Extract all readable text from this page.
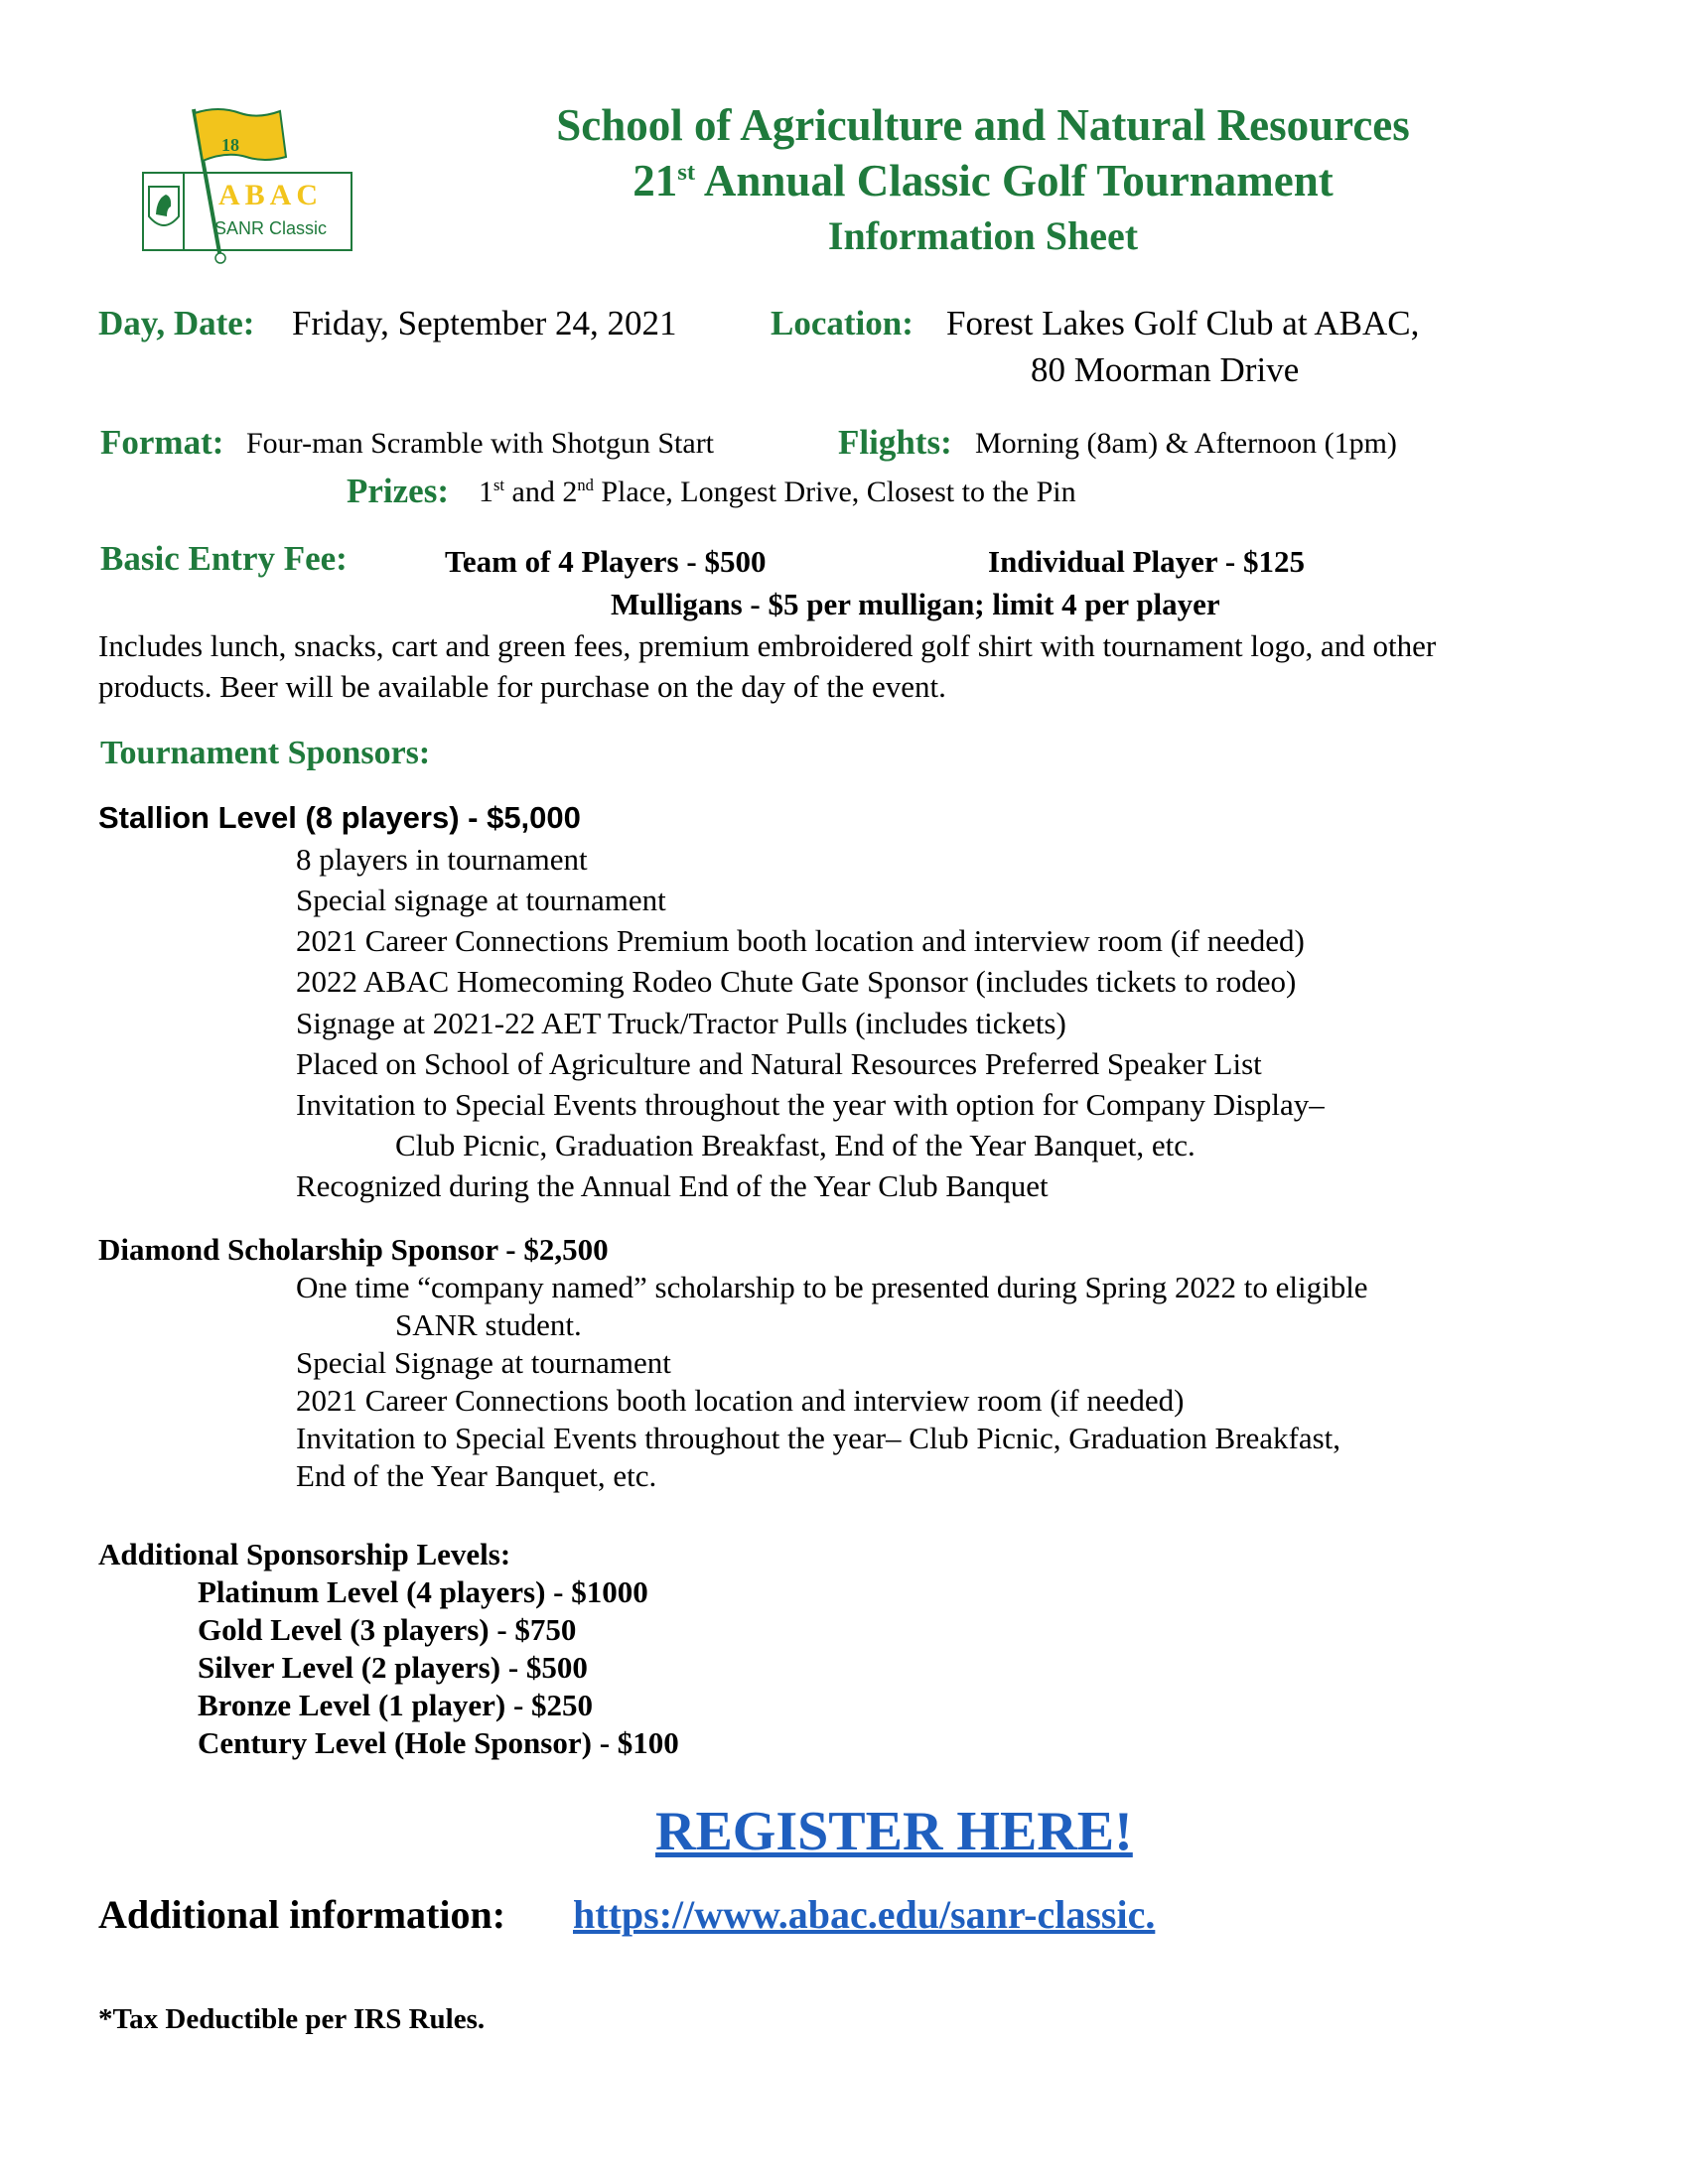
18
ABAC
SANR Classic
School of Agriculture and Natural Resources
21st Annual Classic Golf Tournament
Information Sheet
Day, Date: Friday, September 24, 2021	Location: Forest Lakes Golf Club at ABAC,
80 Moorman Drive
Format: Four-man Scramble with Shotgun Start	Flights: Morning (8am) & Afternoon (1pm)
Prizes: 1st and 2nd Place, Longest Drive, Closest to the Pin
Basic Entry Fee:	Team of 4 Players - $500	Individual Player - $125
Mulligans - $5 per mulligan; limit 4 per player
Includes lunch, snacks, cart and green fees, premium embroidered golf shirt with tournament logo, and other
products. Beer will be available for purchase on the day of the event.
Tournament Sponsors:
Stallion Level (8 players) - $5,000
8 players in tournament
Special signage at tournament
2021 Career Connections Premium booth location and interview room (if needed)
2022 ABAC Homecoming Rodeo Chute Gate Sponsor (includes tickets to rodeo)
Signage at 2021-22 AET Truck/Tractor Pulls (includes tickets)
Placed on School of Agriculture and Natural Resources Preferred Speaker List
Invitation to Special Events throughout the year with option for Company Display–
Club Picnic, Graduation Breakfast, End of the Year Banquet, etc.
Recognized during the Annual End of the Year Club Banquet
Diamond Scholarship Sponsor - $2,500
One time “company named” scholarship to be presented during Spring 2022 to eligible
SANR student.
Special Signage at tournament
2021 Career Connections booth location and interview room (if needed)
Invitation to Special Events throughout the year– Club Picnic, Graduation Breakfast,
End of the Year Banquet, etc.
Additional Sponsorship Levels:
Platinum Level (4 players) - $1000
Gold Level (3 players) - $750
Silver Level (2 players) - $500
Bronze Level (1 player) - $250
Century Level (Hole Sponsor) - $100
REGISTER HERE!
Additional information: https://www.abac.edu/sanr-classic.
*Tax Deductible per IRS Rules.
